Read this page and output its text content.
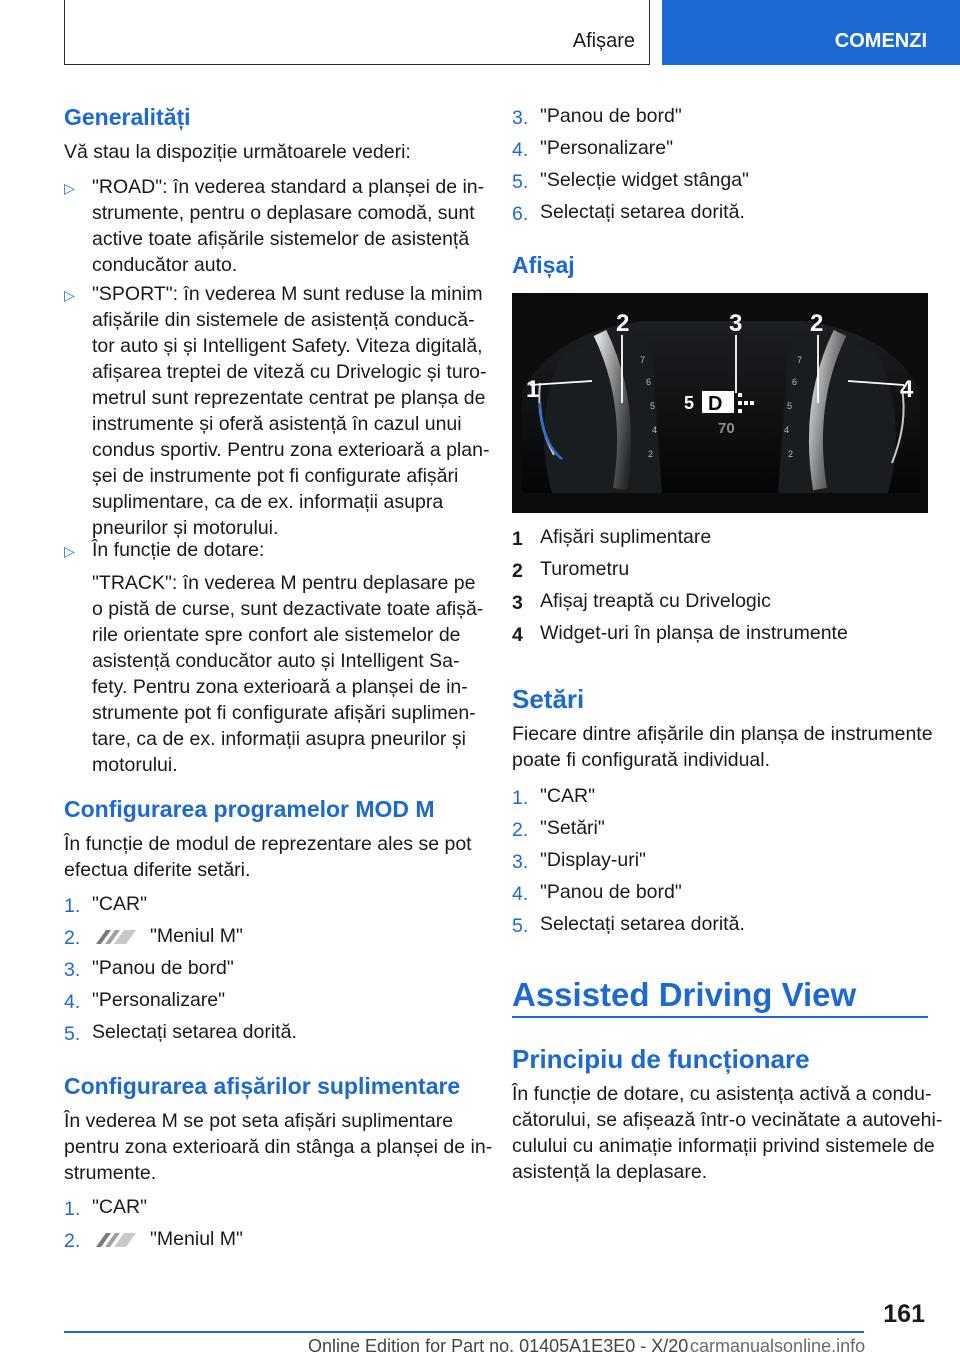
Afișare	COMENZI
Generalități
Vă stau la dispoziție următoarele vederi:
▷ "ROAD": în vederea standard a planșei de in-
strumente, pentru o deplasare comodă, sunt
active toate afișările sistemelor de asistență
conducător auto.
▷ "SPORT": în vederea M sunt reduse la minim
afișările din sistemele de asistență conducă-
tor auto și și Intelligent Safety. Viteza digitală,
afișarea treptei de viteză cu Drivelogic și turo-
metrul sunt reprezentate centrat pe planșa de
instrumente și oferă asistență în cazul unui
condus sportiv. Pentru zona exterioară a plan-
șei de instrumente pot fi configurate afișări
suplimentare, ca de ex. informații asupra
pneurilor și motorului.
▷ În funcție de dotare:
"TRACK": în vederea M pentru deplasare pe
o pistă de curse, sunt dezactivate toate afișă-
rile orientate spre confort ale sistemelor de
asistență conducător auto și Intelligent Sa-
fety. Pentru zona exterioară a planșei de in-
strumente pot fi configurate afișări suplimen-
tare, ca de ex. informații asupra pneurilor și
motorului.
Configurarea programelor MOD M
În funcție de modul de reprezentare ales se pot
efectua diferite setări.
1. "CAR"
2.	"Meniul M"
3. "Panou de bord"
4. "Personalizare"
5. Selectați setarea dorită.
Configurarea afișărilor suplimentare
În vederea M se pot seta afișări suplimentare
pentru zona exterioară din stânga a planșei de in-
strumente.
1. "CAR"
2.	"Meniul M"
3. "Panou de bord"
4. "Personalizare"
5. "Selecție widget stânga"
6. Selectați setarea dorită.
Afișaj
7
6
5
4
2
7
6
5
4
2
5 D
70
1
2	3	2
4
1 Afișări suplimentare
2 Turometru
3 Afișaj treaptă cu Drivelogic
4 Widget-uri în planșa de instrumente
Setări
Fiecare dintre afișările din planșa de instrumente
poate fi configurată individual.
1. "CAR"
2. "Setări"
3. "Display-uri"
4. "Panou de bord"
5. Selectați setarea dorită.
Assisted Driving View
Principiu de funcționare
În funcție de dotare, cu asistența activă a condu-
cătorului, se afișează într-o vecinătate a autovehi-
culului cu animație informații privind sistemele de
asistență la deplasare.
161
Online Edition for Part no. 01405A1E3E0 - X/20 carmanualsonline.info
